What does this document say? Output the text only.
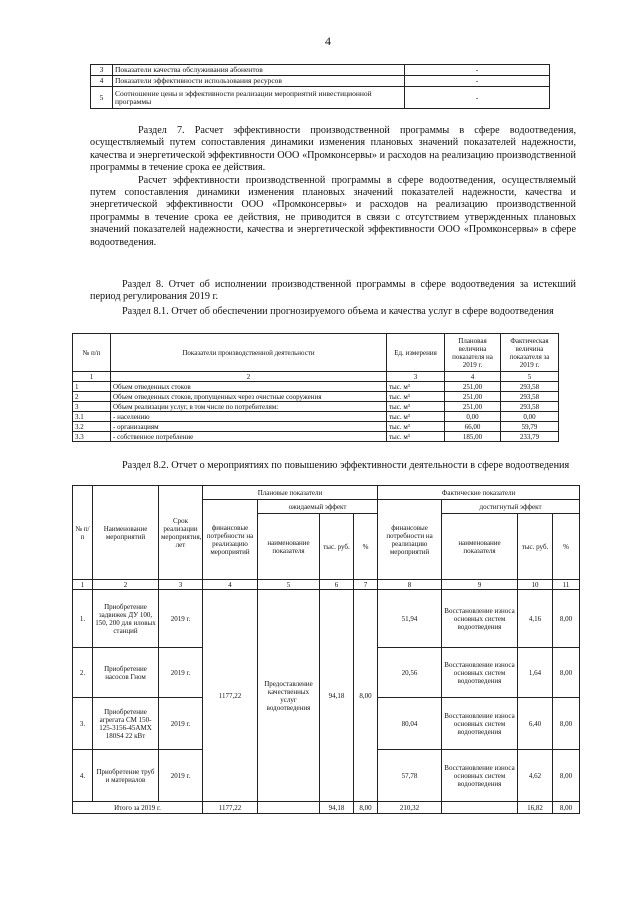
4
3	Показатели качества обслуживания абонентов	-
4	Показатели эффективности использования ресурсов	-
5	Соотношение цены и эффективности реализации мероприятий инвестиционной программы	-

Раздел 7. Расчет эффективности производственной программы в сфере водоотведения, осуществляемый путем сопоставления динамики изменения плановых значений показателей надежности, качества и энергетической эффективности ООО «Промконсервы» и расходов на реализацию производственной программы в течение срока ее действия.

Расчет эффективности производственной программы в сфере водоотведения, осуществляемый путем сопоставления динамики изменения плановых значений показателей надежности, качества и энергетической эффективности ООО «Промконсервы» и расходов на реализацию производственной программы в течение срока ее действия, не приводится в связи с отсутствием утвержденных плановых значений показателей надежности, качества и энергетической эффективности ООО «Промконсервы» в сфере водоотведения.

Раздел 8. Отчет об исполнении производственной программы в сфере водоотведения за истекший период регулирования 2019 г.
Раздел 8.1. Отчет об обеспечении прогнозируемого объема и качества услуг в сфере водоотведения
№ п/п	Показатели производственной деятельности	Ед. измерения	Плановая величина показателя на 2019 г.	Фактическая величина показателя за 2019 г.
1	2	3	4	5
1	Объем отведенных стоков	тыс. м³	251,00	293,58
2	Объем отведенных стоков, пропущенных через очистные сооружения	тыс. м³	251,00	293,58
3	Объем реализации услуг, в том числе по потребителям:	тыс. м³	251,00	293,58
3.1	- населению	тыс. м³	0,00	0,00
3.2	- организациям	тыс. м³	66,00	59,79
3.3	- собственное потребление	тыс. м³	185,00	233,79
Раздел 8.2. Отчет о мероприятиях по повышению эффективности деятельности в сфере водоотведения
№ п/п	Наименование мероприятий	Срок реализации мероприятия, лет	Плановые показатели				Фактические показатели			
			финансовые потребности на реализацию мероприятий	ожидаемый эффект			финансовые потребности на реализацию мероприятий	достигнутый эффект		
				наименование показателя	тыс. руб.	%		наименование показателя	тыс. руб.	%
1	2	3	4	5	6	7	8	9	10	11
1.	Приобретение задвижек ДУ 100, 150, 200 для иловых станций	2019 г.	1177,22	Предоставление качественных услуг водоотведения	94,18	8,00	51,94	Восстановление износа основных систем водоотведения	4,16	8,00
2.	Приобретение насосов Гном	2019 г.					20,56	Восстановление износа основных систем водоотведения	1,64	8,00
3.	Приобретение агрегата СМ 150-125-3156-45АМХ 180S4 22 кВт	2019 г.					80,04	Восстановление износа основных систем водоотведения	6,40	8,00
4.	Приобретение труб и материалов	2019 г.					57,78	Восстановление износа основных систем водоотведения	4,62	8,00
Итого за 2019 г.			1177,22		94,18	8,00	210,32		16,82	8,00
